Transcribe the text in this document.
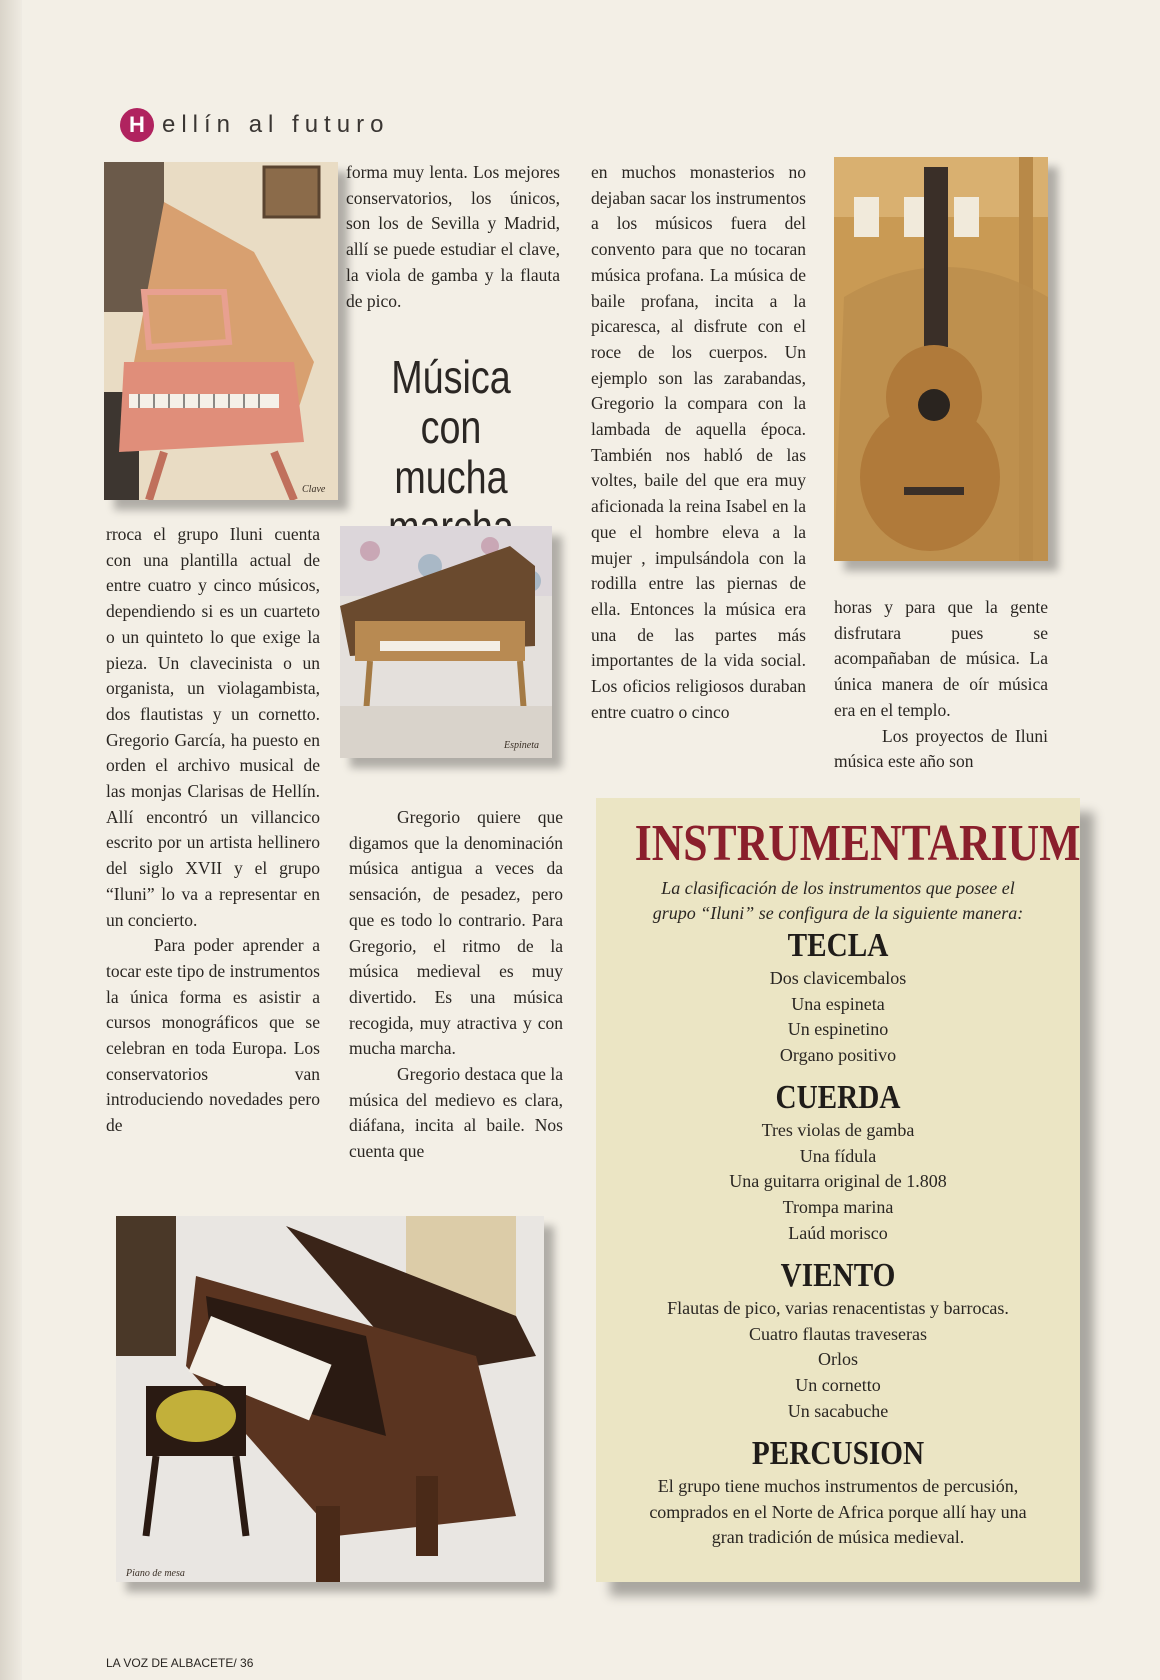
H ellín al futuro
Clave

rroca el grupo Iluni cuenta con una plantilla actual de entre cuatro y cinco músicos, dependiendo si es un cuarteto o un quinteto lo que exige la pieza. Un clavecinista o un organista, un violagambista, dos flautistas y un cornetto. Gregorio García, ha puesto en orden el archivo musical de las monjas Clarisas de Hellín. Allí encontró un villancico escrito por un artista hellinero del siglo XVII y el grupo “Iluni” lo va a representar en un concierto.

Para poder aprender a tocar este tipo de instrumentos la única forma es asistir a cursos monográficos que se celebran en toda Europa. Los conservatorios van introduciendo novedades pero de

forma muy lenta. Los mejores conservatorios, los únicos, son los de Sevilla y Madrid, allí se puede estudiar el clave, la viola de gamba y la flauta de pico.

Música
con mucha
Espineta

Gregorio quiere que digamos que la denominación música antigua a veces da sensación, de pesadez, pero que es todo lo contrario. Para Gregorio, el ritmo de la música medieval es muy divertido. Es una música recogida, muy atractiva y con mucha marcha.

Gregorio destaca que la música del medievo es clara, diáfana, incita al baile. Nos cuenta que

en muchos monasterios no dejaban sacar los instrumentos a los músicos fuera del convento para que no tocaran música profana. La música de baile profana, incita a la picaresca, al disfrute con el roce de los cuerpos. Un ejemplo son las zarabandas, Gregorio la compara con la lambada de aquella época. También nos habló de las voltes, baile del que era muy aficionada la reina Isabel en la que el hombre eleva a la mujer , impulsándola con la rodilla entre las piernas de ella. Entonces la música era una de las partes más importantes de la vida social. Los oficios religiosos duraban entre cuatro o cinco

horas y para que la gente disfrutara pues se acompañaban de música. La única manera de oír música era en el templo.

Los proyectos de Iluni música este año son

Piano de mesa
INSTRUMENTARIUM
La clasificación de los instrumentos que posee el
grupo “Iluni” se configura de la siguiente manera:
TECLA
Dos clavicembalos
Una espineta
Un espinetino
Organo positivo
CUERDA
Tres violas de gamba
Una fídula
Una guitarra original de 1.808
Trompa marina
Laúd morisco
VIENTO
Flautas de pico, varias renacentistas y barrocas.
Cuatro flautas traveseras
Orlos
Un cornetto
Un sacabuche
PERCUSION
El grupo tiene muchos instrumentos de percusión,
comprados en el Norte de Africa porque allí hay una
gran tradición de música medieval.
LA VOZ DE ALBACETE/ 36
